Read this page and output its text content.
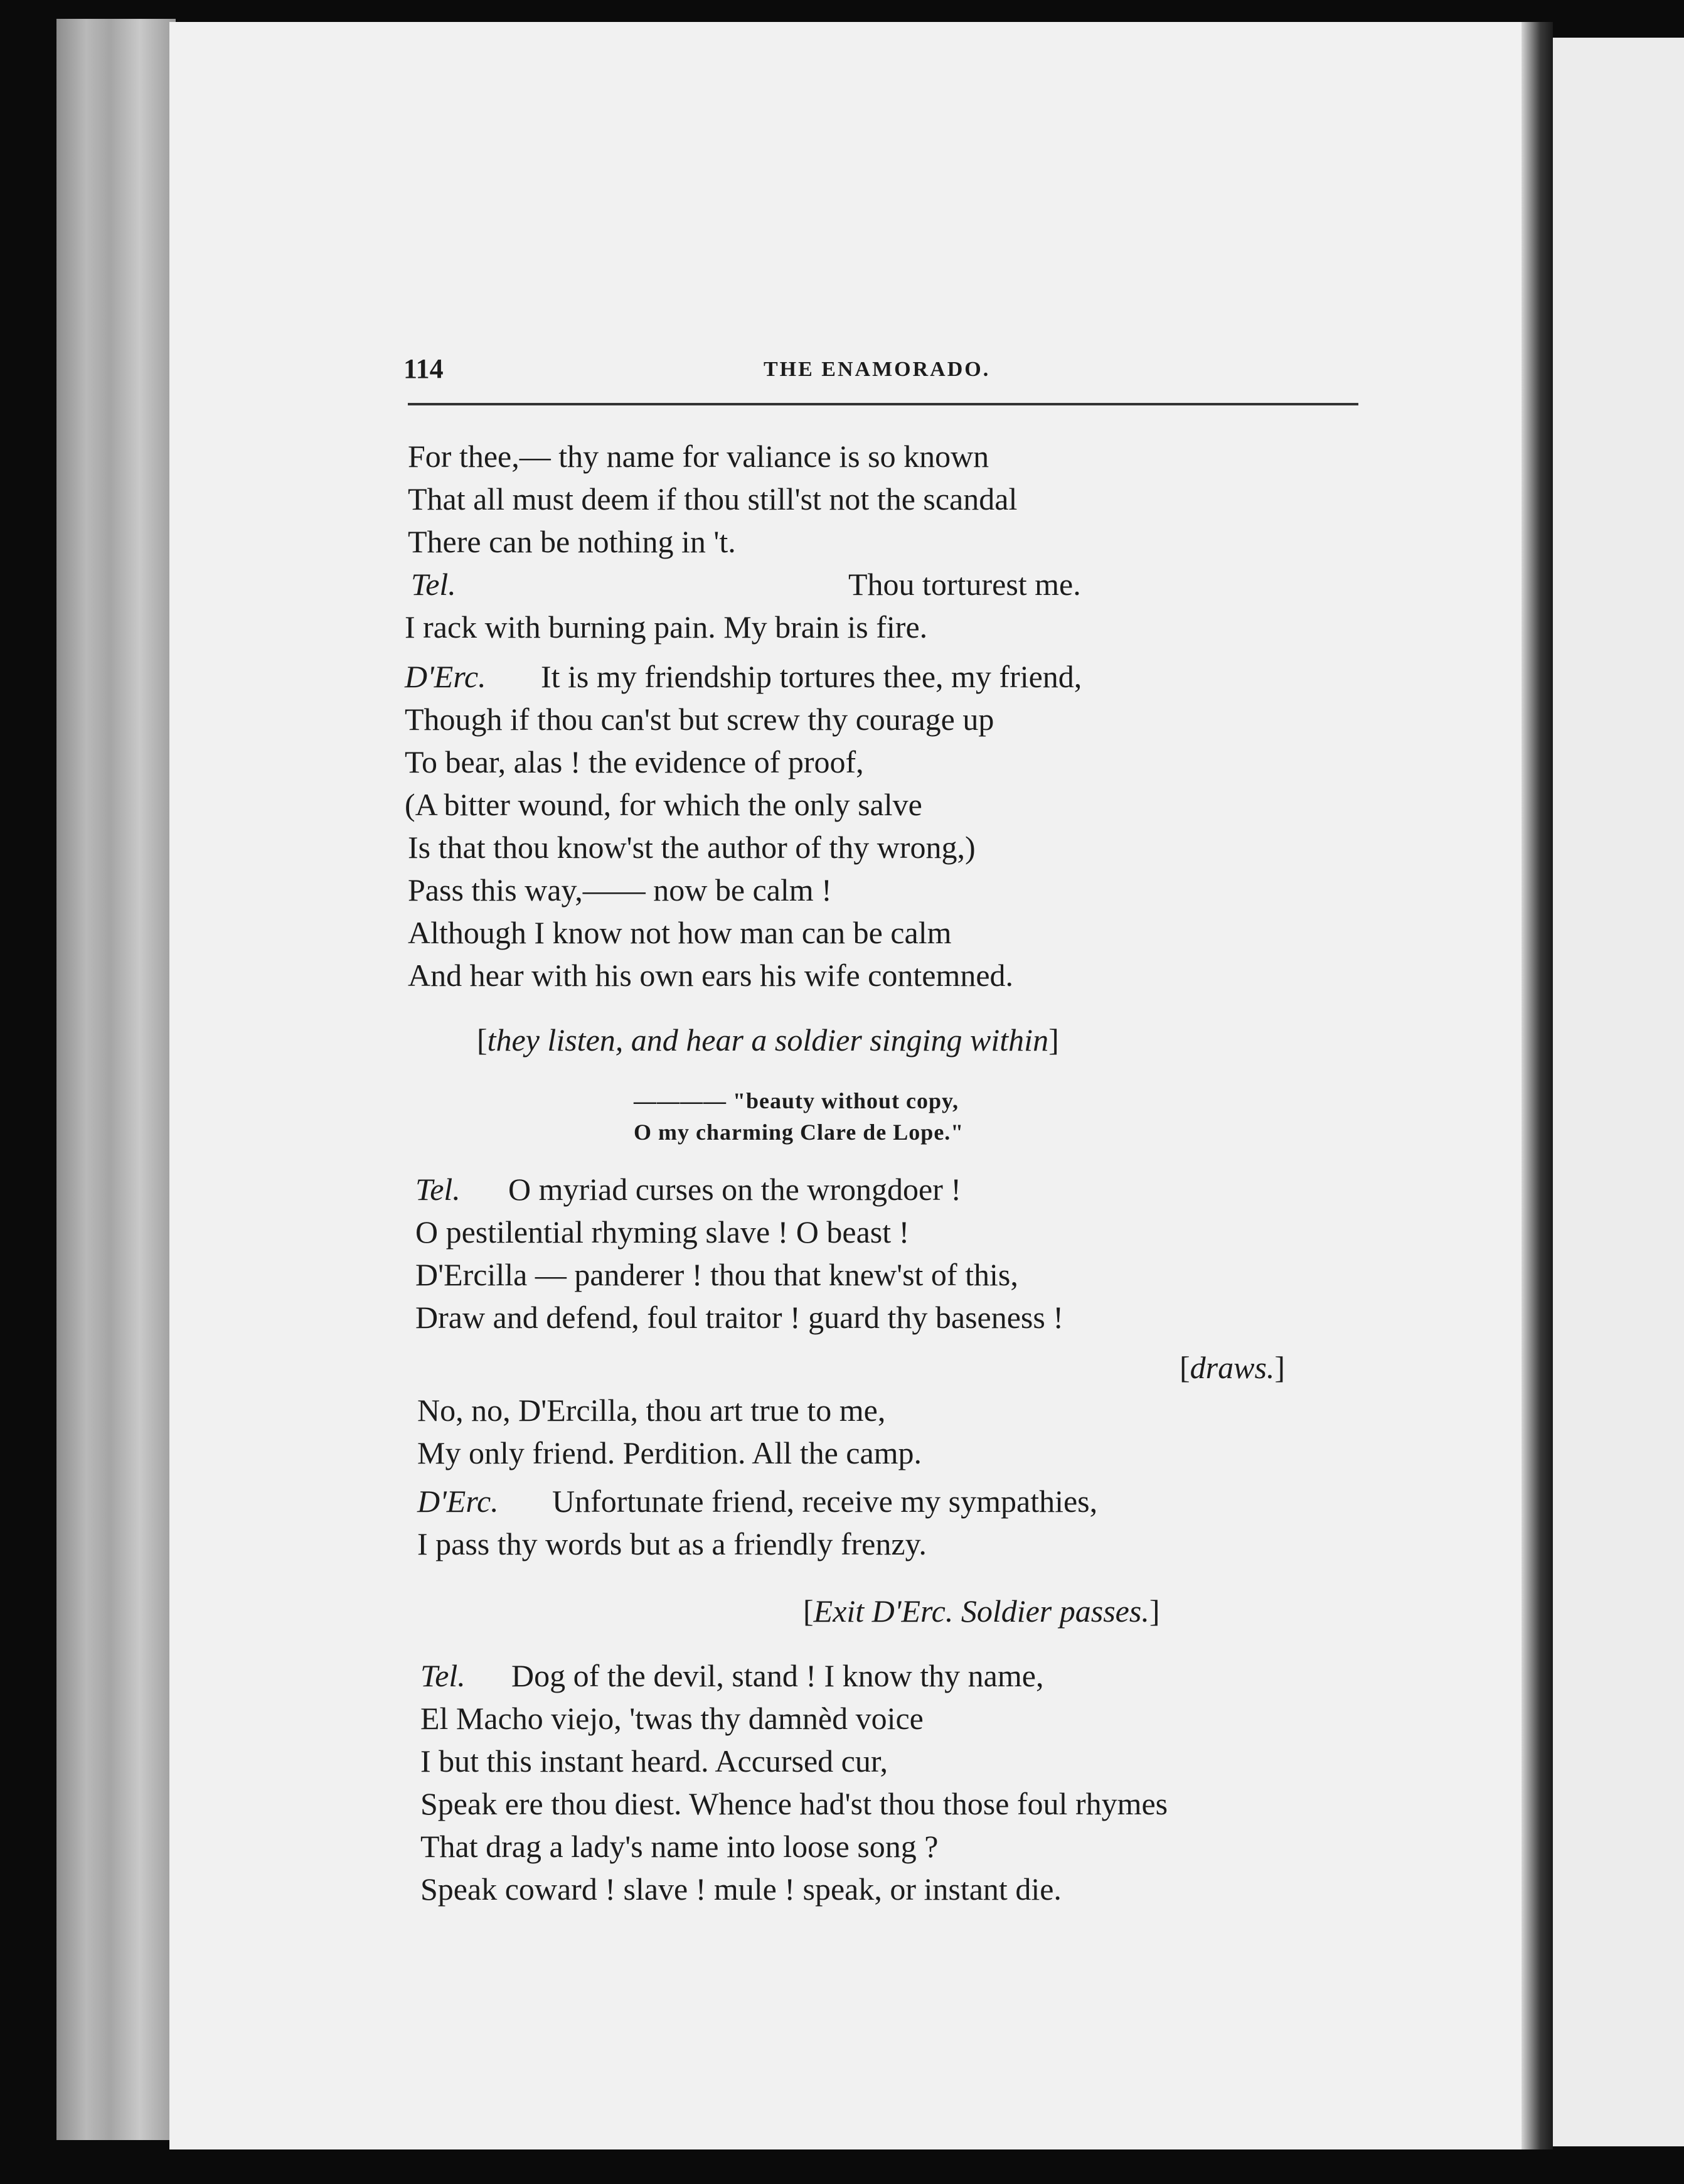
114	THE ENAMORADO.
For thee,— thy name for valiance is so known
That all must deem if thou still'st not the scandal
There can be nothing in 't.
Tel.	Thou torturest me.
I rack with burning pain. My brain is fire.
D'Erc. It is my friendship tortures thee, my friend,
Though if thou can'st but screw thy courage up
To bear, alas ! the evidence of proof,
(A bitter wound, for which the only salve
Is that thou know'st the author of thy wrong,)
Pass this way,—— now be calm !
Although I know not how man can be calm
And hear with his own ears his wife contemned.
[they listen, and hear a soldier singing within]
———— "beauty without copy,
O my charming Clare de Lope."
Tel. O myriad curses on the wrongdoer !
O pestilential rhyming slave ! O beast !
D'Ercilla — panderer ! thou that knew'st of this,
Draw and defend, foul traitor ! guard thy baseness !
[draws.]
No, no, D'Ercilla, thou art true to me,
My only friend. Perdition. All the camp.
D'Erc. Unfortunate friend, receive my sympathies,
I pass thy words but as a friendly frenzy.
[Exit D'Erc. Soldier passes.]
Tel. Dog of the devil, stand ! I know thy name,
El Macho viejo, 'twas thy damnèd voice
I but this instant heard. Accursed cur,
Speak ere thou diest. Whence had'st thou those foul rhymes
That drag a lady's name into loose song ?
Speak coward ! slave ! mule ! speak, or instant die.
